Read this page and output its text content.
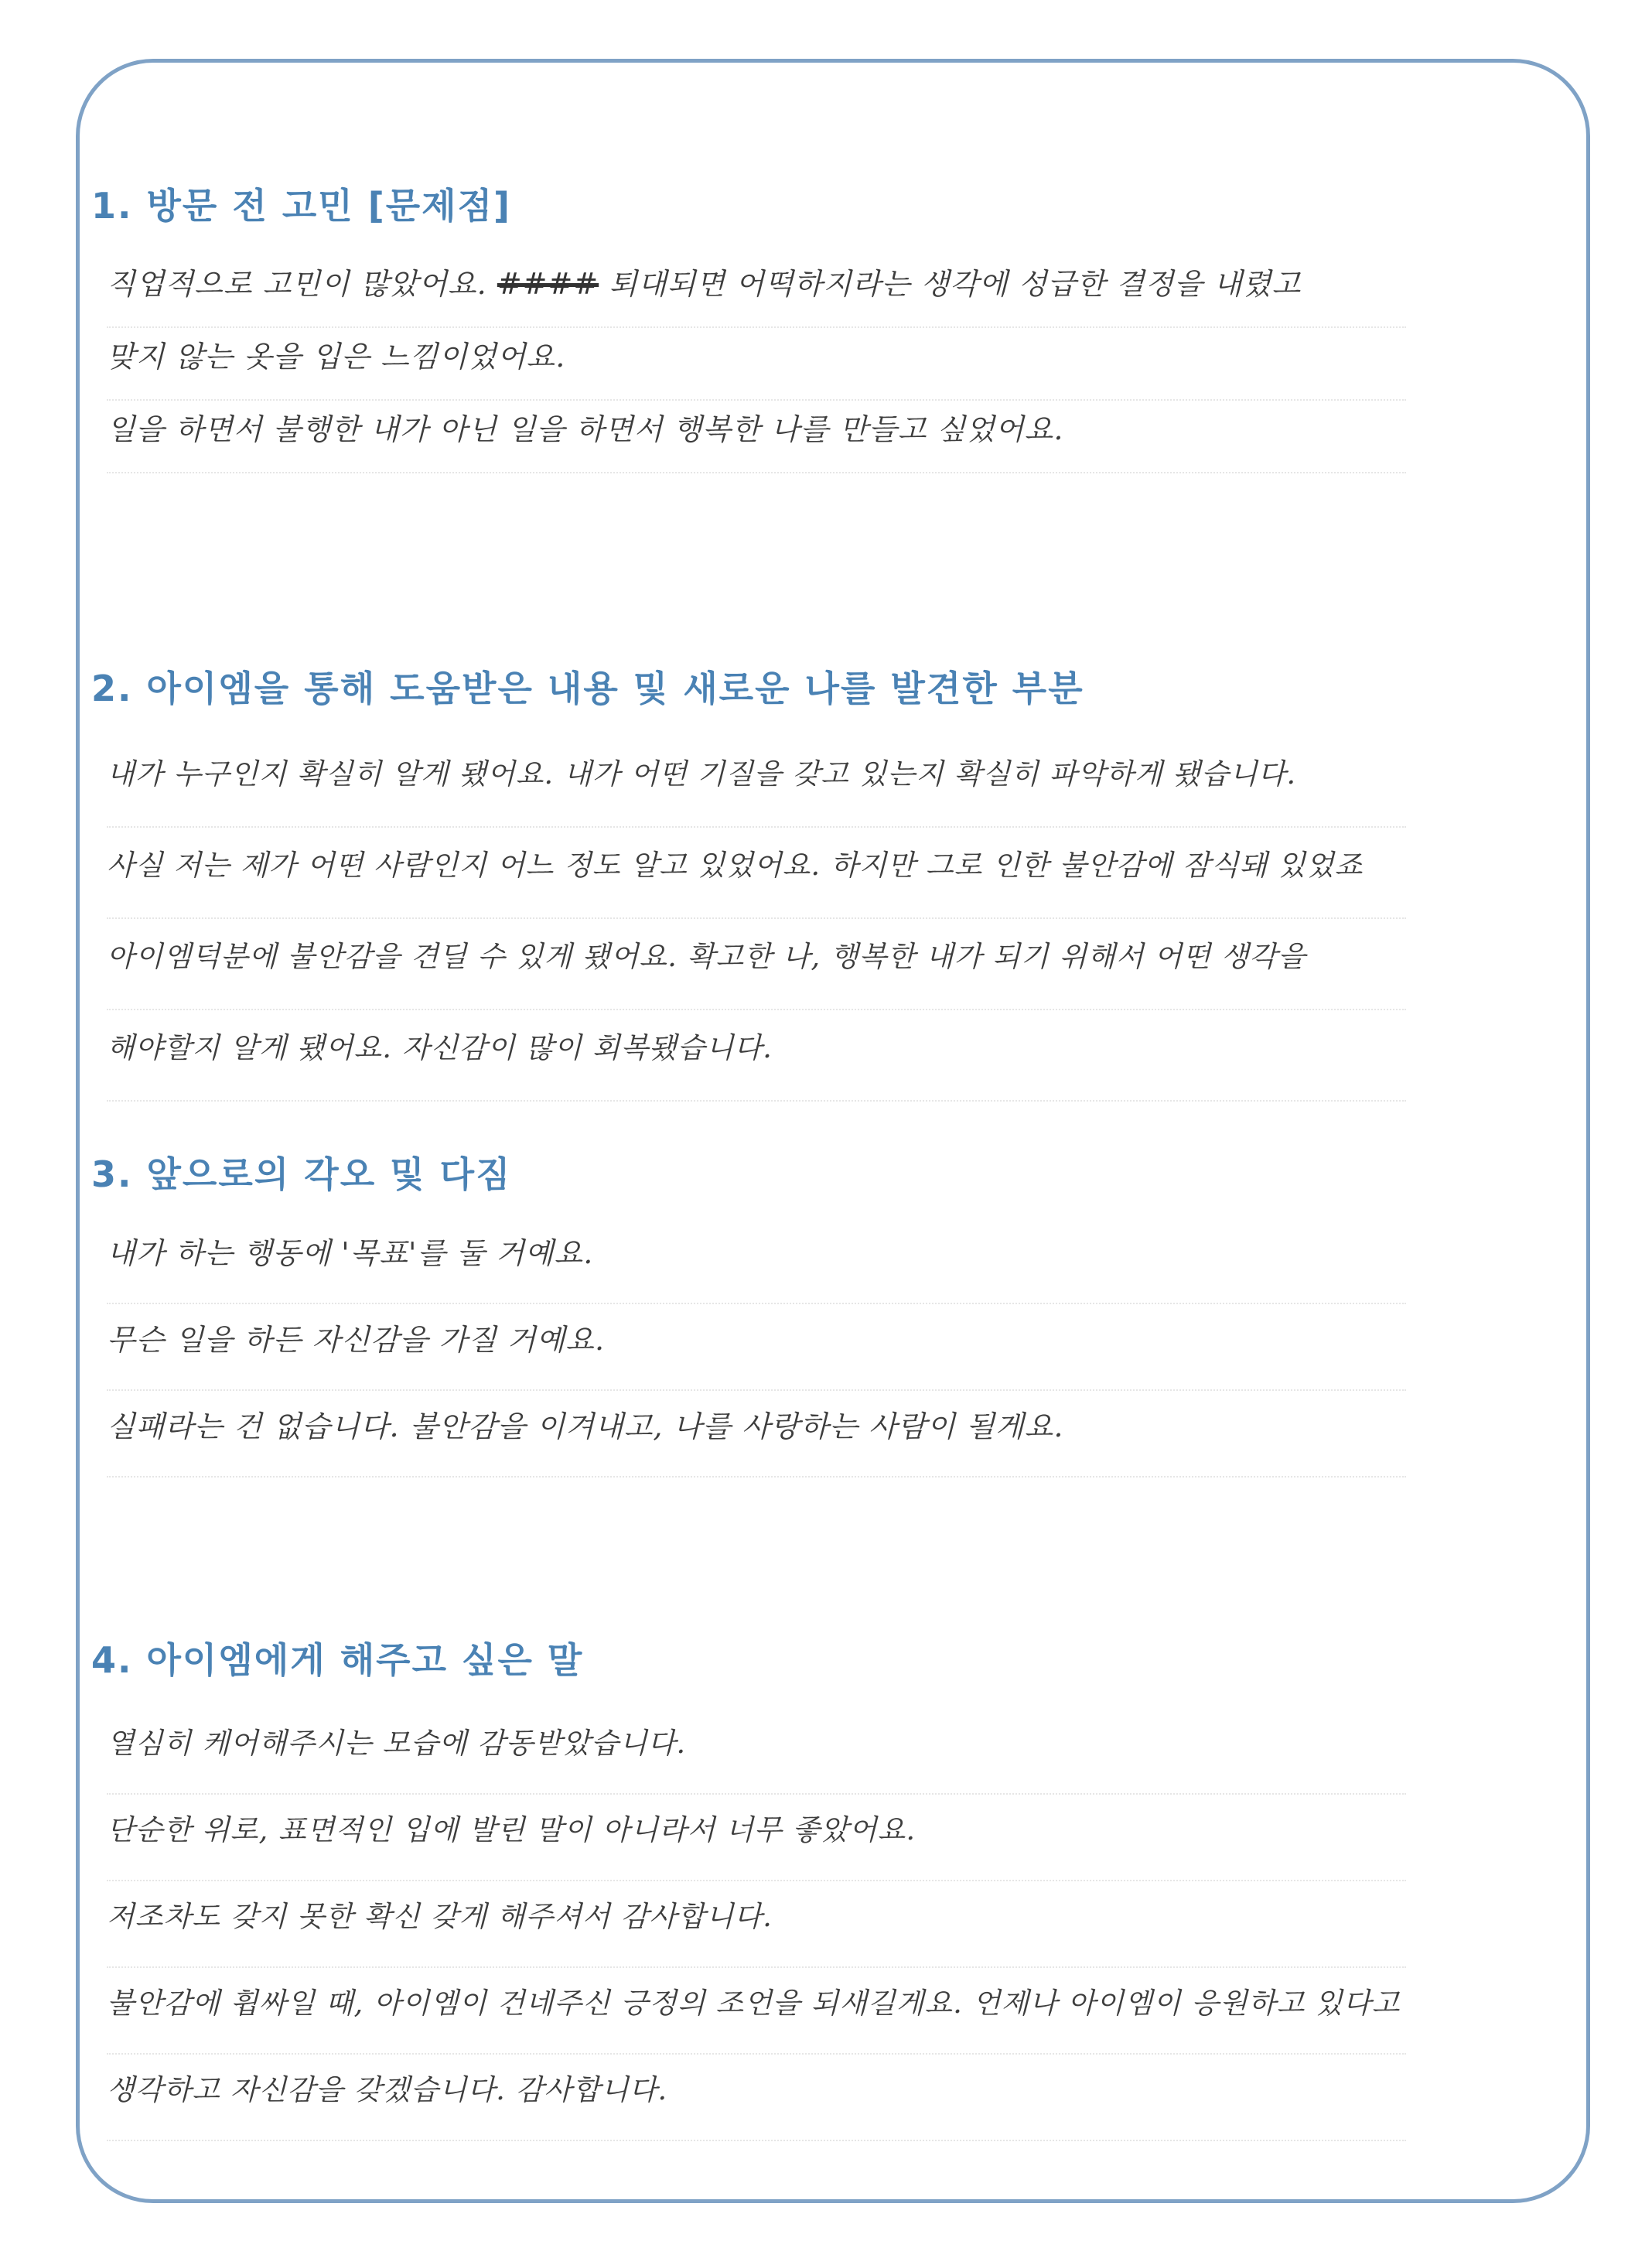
1. 방문 전 고민 [문제점]
직업적으로 고민이 많았어요. #### 퇴대되면 어떡하지라는 생각에 성급한 결정을 내렸고
맞지 않는 옷을 입은 느낌이었어요.
일을 하면서 불행한 내가 아닌 일을 하면서 행복한 나를 만들고 싶었어요.
2. 아이엠을 통해 도움받은 내용 및 새로운 나를 발견한 부분
내가 누구인지 확실히 알게 됐어요. 내가 어떤 기질을 갖고 있는지 확실히 파악하게 됐습니다.
사실 저는 제가 어떤 사람인지 어느 정도 알고 있었어요. 하지만 그로 인한 불안감에 잠식돼 있었죠
아이엠덕분에 불안감을 견딜 수 있게 됐어요. 확고한 나, 행복한 내가 되기 위해서 어떤 생각을
해야할지 알게 됐어요. 자신감이 많이 회복됐습니다.
3. 앞으로의 각오 및 다짐
내가 하는 행동에 '목표'를 둘 거예요.
무슨 일을 하든 자신감을 가질 거예요.
실패라는 건 없습니다. 불안감을 이겨내고, 나를 사랑하는 사람이 될게요.
4. 아이엠에게 해주고 싶은 말
열심히 케어해주시는 모습에 감동받았습니다.
단순한 위로, 표면적인 입에 발린 말이 아니라서 너무 좋았어요.
저조차도 갖지 못한 확신 갖게 해주셔서 감사합니다.
불안감에 휩싸일 때, 아이엠이 건네주신 긍정의 조언을 되새길게요. 언제나 아이엠이 응원하고 있다고
생각하고 자신감을 갖겠습니다. 감사합니다.
